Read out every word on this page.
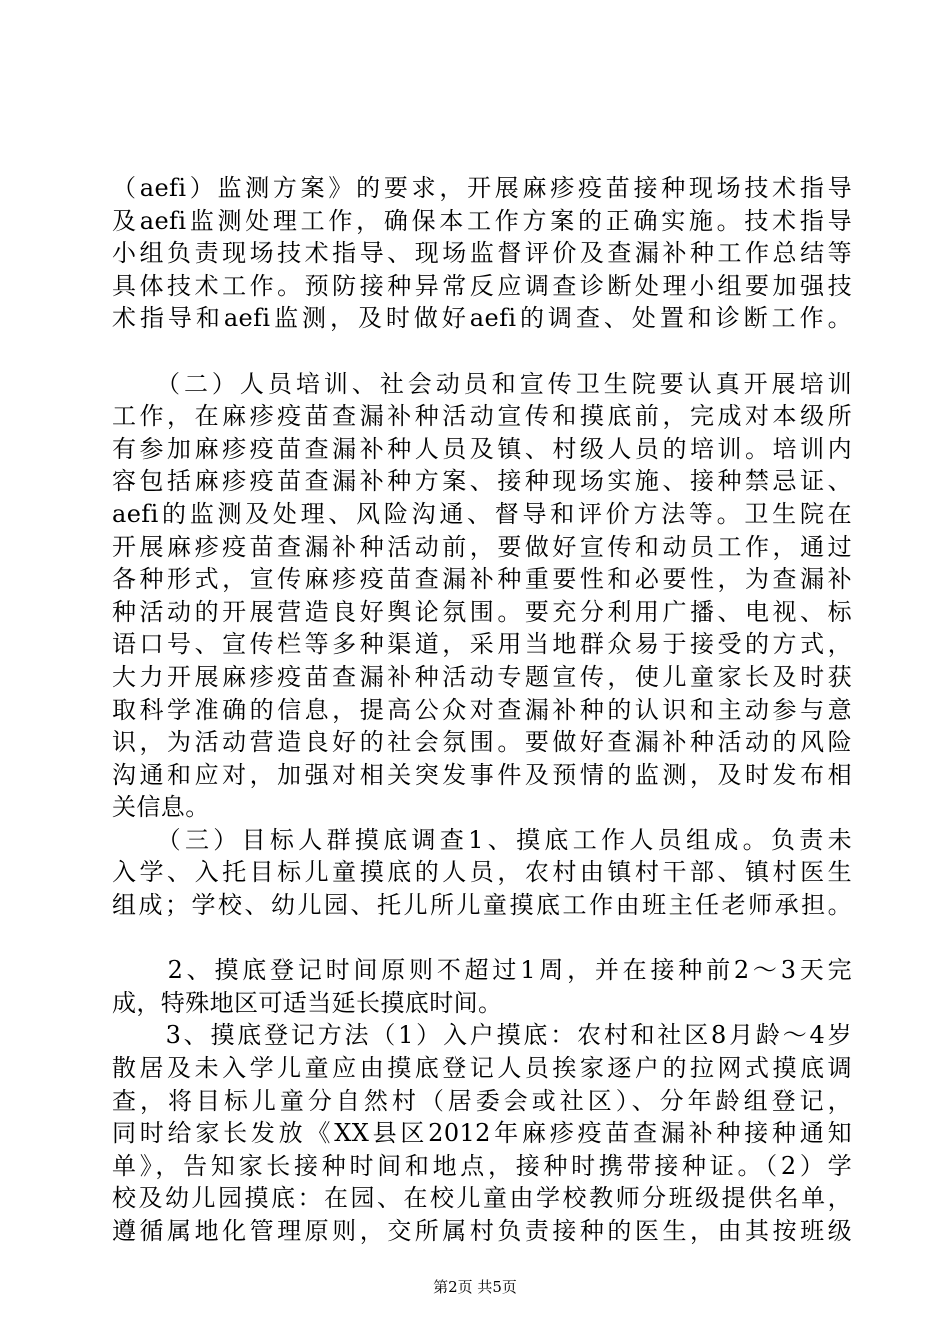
（aefi）监测方案》的要求，开展麻疹疫苗接种现场技术指导
及aefi监测处理工作，确保本工作方案的正确实施。技术指导
小组负责现场技术指导、现场监督评价及查漏补种工作总结等
具体技术工作。预防接种异常反应调查诊断处理小组要加强技
术指导和aefi监测，及时做好aefi的调查、处置和诊断工作。
　　（二）人员培训、社会动员和宣传卫生院要认真开展培训
工作，在麻疹疫苗查漏补种活动宣传和摸底前，完成对本级所
有参加麻疹疫苗查漏补种人员及镇、村级人员的培训。培训内
容包括麻疹疫苗查漏补种方案、接种现场实施、接种禁忌证、
aefi的监测及处理、风险沟通、督导和评价方法等。卫生院在
开展麻疹疫苗查漏补种活动前，要做好宣传和动员工作，通过
各种形式，宣传麻疹疫苗查漏补种重要性和必要性，为查漏补
种活动的开展营造良好舆论氛围。要充分利用广播、电视、标
语口号、宣传栏等多种渠道，采用当地群众易于接受的方式，
大力开展麻疹疫苗查漏补种活动专题宣传，使儿童家长及时获
取科学准确的信息，提高公众对查漏补种的认识和主动参与意
识，为活动营造良好的社会氛围。要做好查漏补种活动的风险
沟通和应对，加强对相关突发事件及预情的监测，及时发布相
关信息。
　　（三）目标人群摸底调查1、摸底工作人员组成。负责未
入学、入托目标儿童摸底的人员，农村由镇村干部、镇村医生
组成；学校、幼儿园、托儿所儿童摸底工作由班主任老师承担。
　　2、摸底登记时间原则不超过1周，并在接种前2～3天完
成，特殊地区可适当延长摸底时间。
　　3、摸底登记方法（1）入户摸底：农村和社区8月龄～4岁
散居及未入学儿童应由摸底登记人员挨家逐户的拉网式摸底调
查，将目标儿童分自然村（居委会或社区）、分年龄组登记，
同时给家长发放《XX县区2012年麻疹疫苗查漏补种接种通知
单》，告知家长接种时间和地点，接种时携带接种证。（2）学
校及幼儿园摸底：在园、在校儿童由学校教师分班级提供名单，
遵循属地化管理原则，交所属村负责接种的医生，由其按班级
第2页 共5页
